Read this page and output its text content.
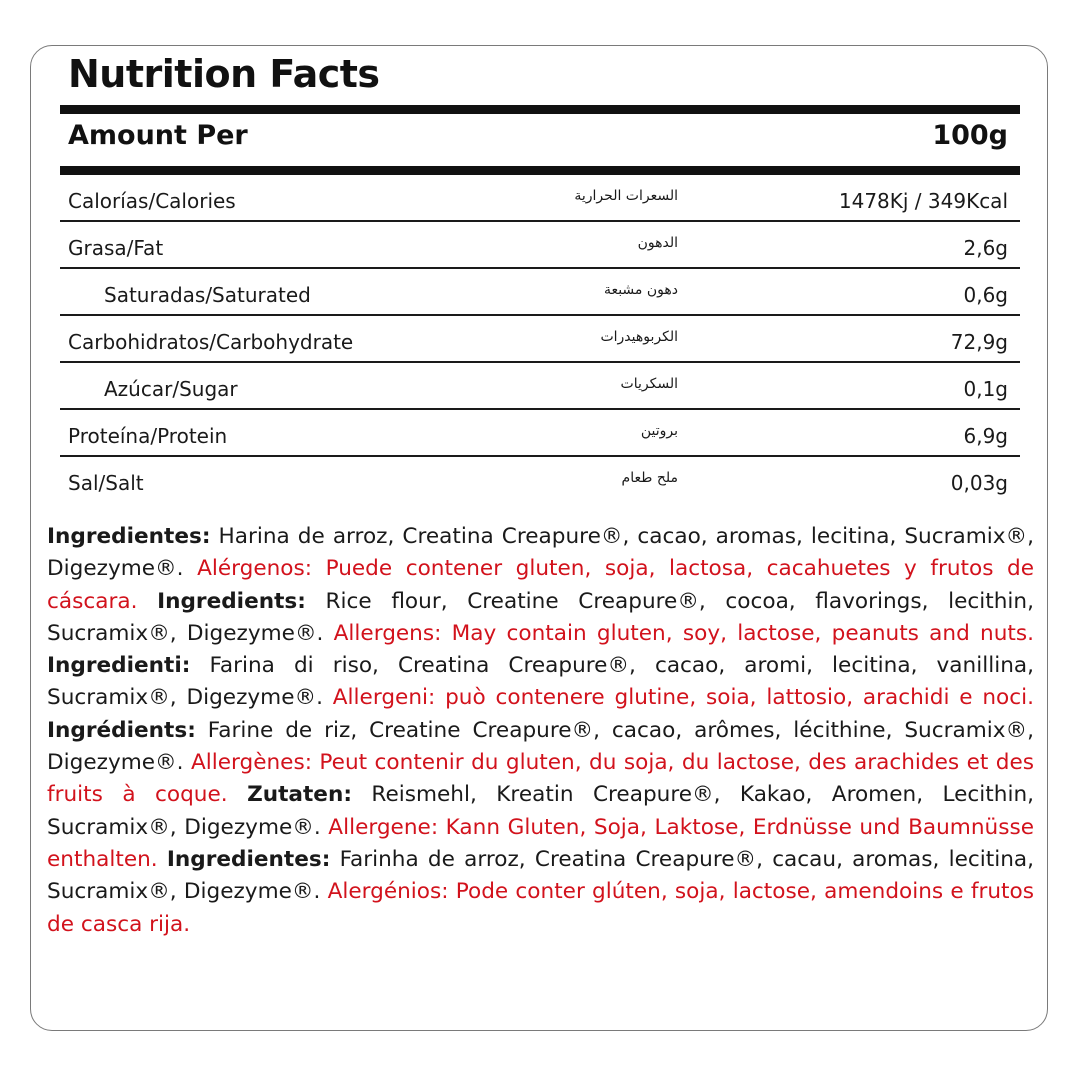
Nutrition Facts
Amount Per	100g
Calorías/Calories	السعرات الحرارية	1478Kj / 349Kcal
Grasa/Fat	الدهون	2,6g
Saturadas/Saturated	دهون مشبعة	0,6g
Carbohidratos/Carbohydrate	الكربوهيدرات	72,9g
Azúcar/Sugar	السكريات	0,1g
Proteína/Protein	بروتين	6,9g
Sal/Salt	ملح طعام	0,03g
Ingredientes: Harina de arroz, Creatina Creapure®, cacao, aromas, lecitina, Sucramix®, Digezyme®. Alérgenos: Puede contener gluten, soja, lactosa, cacahuetes y frutos de cáscara. Ingredients: Rice flour, Creatine Creapure®, cocoa, flavorings, lecithin, Sucramix®, Digezyme®. Allergens: May contain gluten, soy, lactose, peanuts and nuts. Ingredienti: Farina di riso, Creatina Creapure®, cacao, aromi, lecitina, vanillina, Sucramix®, Digezyme®. Allergeni: può contenere glutine, soia, lattosio, arachidi e noci. Ingrédients: Farine de riz, Creatine Creapure®, cacao, arômes, lécithine, Sucramix®, Digezyme®. Allergènes: Peut contenir du gluten, du soja, du lactose, des arachides et des fruits à coque. Zutaten: Reismehl, Kreatin Creapure®, Kakao, Aromen, Lecithin, Sucramix®, Digezyme®. Allergene: Kann Gluten, Soja, Laktose, Erdnüsse und Baumnüsse enthalten. Ingredientes: Farinha de arroz, Creatina Creapure®, cacau, aromas, lecitina, Sucramix®, Digezyme®. Alergénios: Pode conter glúten, soja, lactose, amendoins e frutos de casca rija.
